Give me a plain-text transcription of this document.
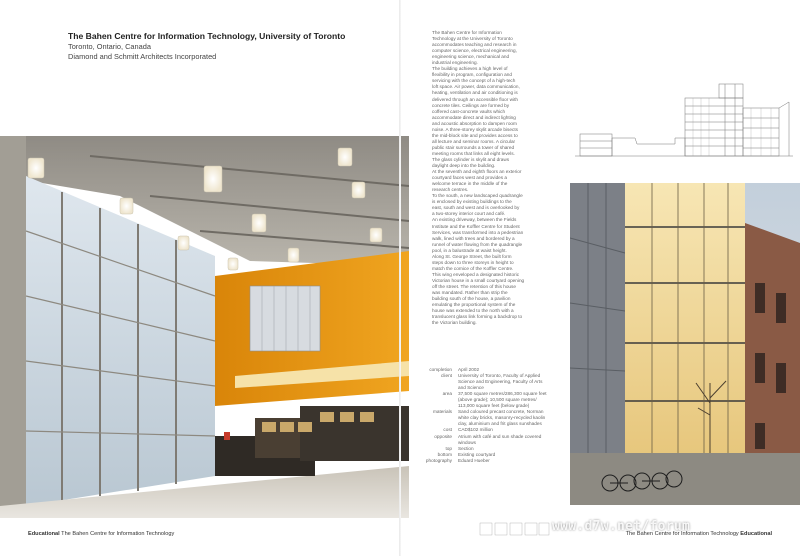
The Bahen Centre for Information Technology, University of Toronto
Toronto, Ontario, Canada
Diamond and Schmitt Architects Incorporated

The Bahen Centre for Information

Technology at the University of Toronto

accommodates teaching and research in

computer science, electrical engineering,

engineering science, mechanical and

industrial engineering.

The building achieves a high level of

flexibility in program, configuration and

servicing with the concept of a high-tech

loft space. Air power, data communication,

heating, ventilation and air conditioning is

delivered through an accessible floor with

concrete tiles. Ceilings are formed by

coffered cast-concrete vaults which

accommodate direct and indirect lighting

and acoustic absorption to dampen room

noise. A three-storey skylit arcade bisects

the mid-block site and provides access to

all lecture and seminar rooms. A circular

public stair surrounds a tower of shared

meeting rooms that links all eight levels.

The glass cylinder is skylit and draws

daylight deep into the building.

At the seventh and eighth floors an exterior

courtyard faces west and provides a

welcome terrace in the middle of the

research centres.

To the south, a new landscaped quadrangle

is enclosed by existing buildings to the

east, south and west and is overlooked by

a two-storey interior court and café.

An existing driveway, between the Fields

Institute and the Koffler Centre for Student

Services, was transformed into a pedestrian

walk, lined with trees and bordered by a

runnel of water flowing from the quadrangle

pool, in a balustrade at waist height.

Along St. George Street, the built form

steps down to three storeys in height to

match the cornice of the Koffler Centre.

This wing enveloped a designated historic

Victorian house in a small courtyard opening

off the street. The retention of this house

was mandated. Rather than strip the

building south of the house, a pavilion

emulating the proportional system of the

house was extended to the north with a

translucent glass link forming a backdrop to

the Victorian building.

completion	April 2002
client	University of Toronto, Faculty of Applied
Science and Engineering, Faculty of Arts
and Science
area	37,500 square metres/286,300 square feet
(above grade); 10,500 square metres/
113,000 square feet (below grade)
materials	Sand coloured precast concrete, Norman
white clay bricks, masonry-recycled kaolin
clay, aluminium and frit glass sunshades
cost	CAD$102 million
opposite	Atrium with café and sun shade covered
windows
top	Section
bottom	Existing courtyard
photography	Eduard Hueber
Educational The Bahen Centre for Information Technology	The Bahen Centre for Information Technology Educational
www.d7w.net/forum
